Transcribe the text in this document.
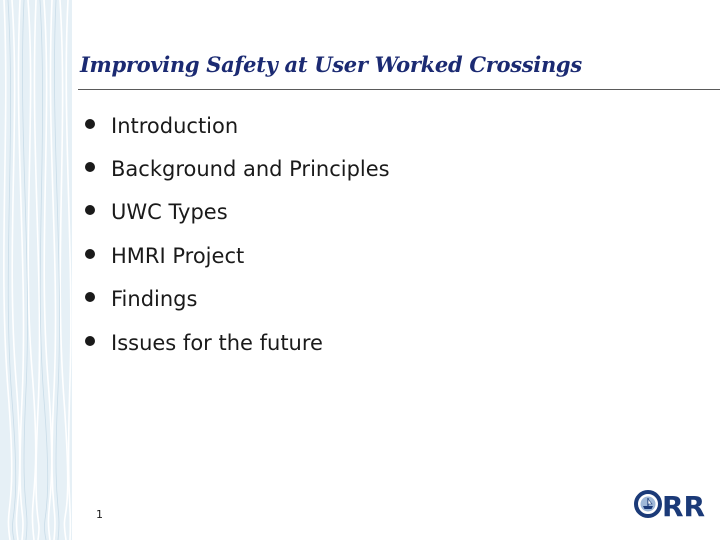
Improving Safety at User Worked Crossings
Introduction
Background and Principles
UWC Types
HMRI Project
Findings
Issues for the future
1	RR
